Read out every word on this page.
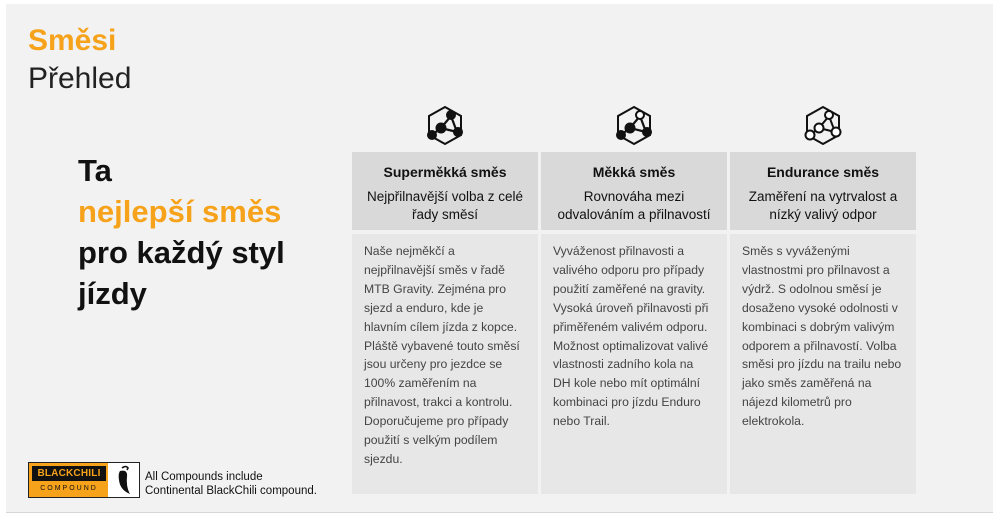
Směsi
Přehled
Ta
nejlepší směs
pro každý styl
jízdy
Superměkká směs
Nejpřilnavější volba z celé řady směsí
Naše nejměkčí a nejpřilnavější směs v řadě MTB Gravity. Zejména pro sjezd a enduro, kde je hlavním cílem jízda z kopce. Pláště vybavené touto směsí jsou určeny pro jezdce se 100% zaměřením na přilnavost, trakci a kontrolu. Doporučujeme pro případy použití s velkým podílem sjezdu.
Měkká směs
Rovnováha mezi odvalováním a přilnavostí
Vyváženost přilnavosti a valivého odporu pro případy použití zaměřené na gravity. Vysoká úroveň přilnavosti při přiměřeném valivém odporu. Možnost optimalizovat valivé vlastnosti zadního kola na DH kole nebo mít optimální kombinaci pro jízdu Enduro nebo Trail.
Endurance směs
Zaměření na vytrvalost a nízký valivý odpor
Směs s vyváženými vlastnostmi pro přilnavost a výdrž. S odolnou směsí je dosaženo vysoké odolnosti v kombinaci s dobrým valivým odporem a přilnavostí. Volba směsi pro jízdu na trailu nebo jako směs zaměřená na nájezd kilometrů pro elektrokola.
BLACKCHILI
COMPOUND
All Compounds include
Continental BlackChili compound.
